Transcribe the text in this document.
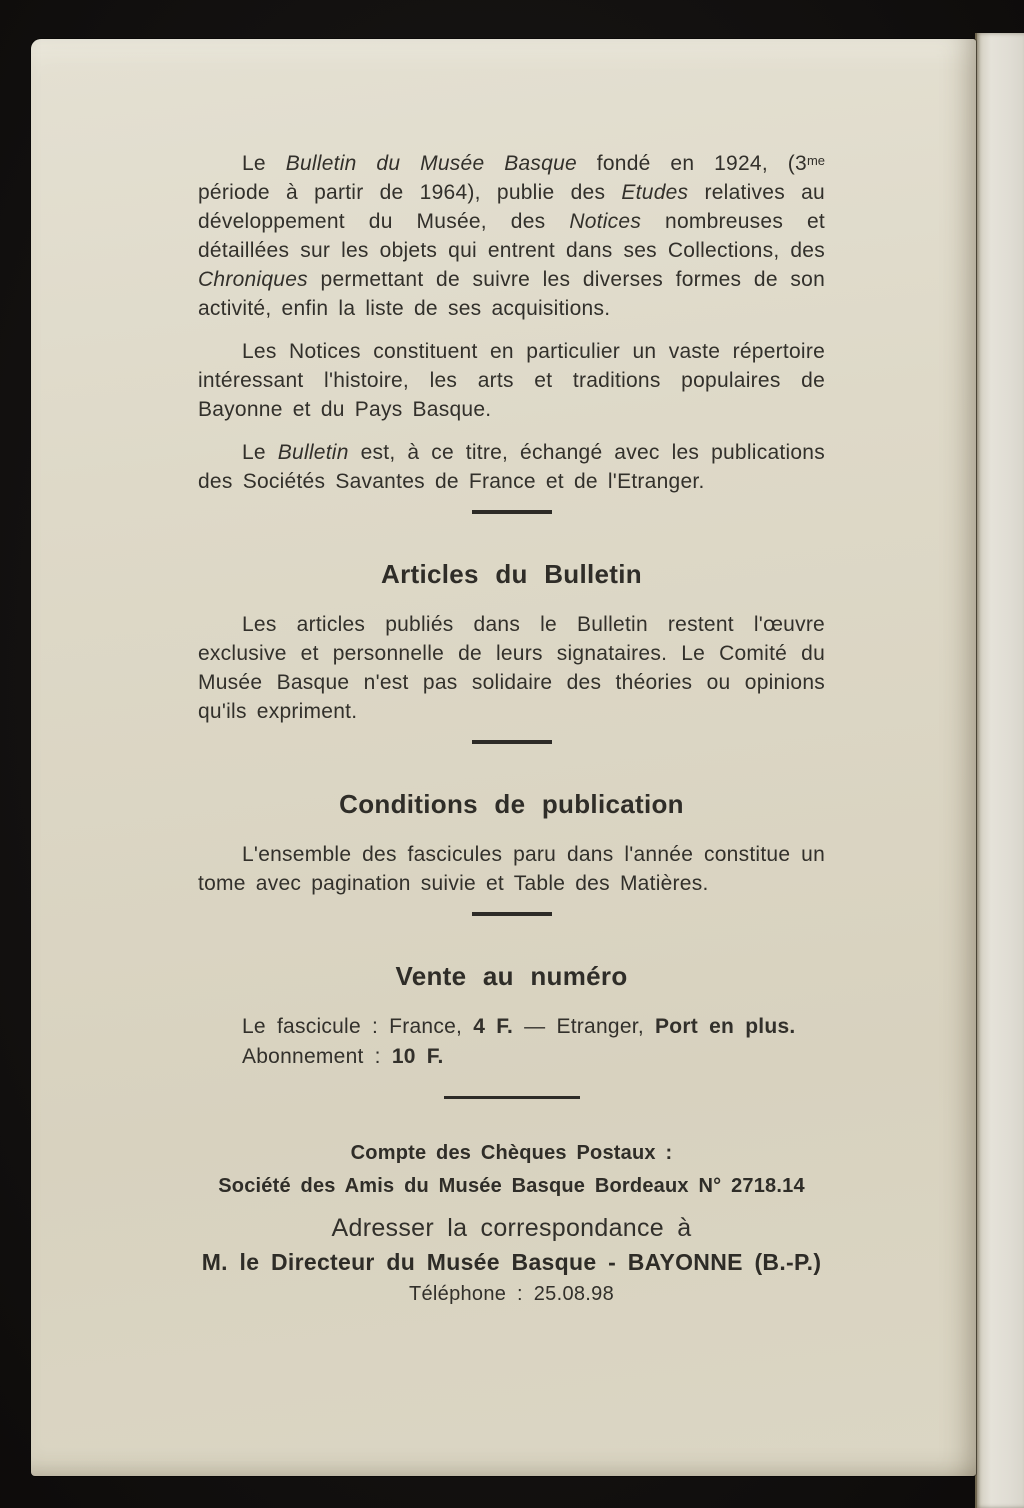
Le Bulletin du Musée Basque fondé en 1924, ($3^{me}$ période à partir de 1964), publie des Etudes relatives au développement du Musée, des Notices nombreuses et détaillées sur les objets qui entrent dans ses Collections, des Chroniques permettant de suivre les diverses formes de son activité, enfin la liste de ses acquisitions.

Les Notices constituent en particulier un vaste répertoire intéressant l'histoire, les arts et traditions populaires de Bayonne et du Pays Basque.

Le Bulletin est, à ce titre, échangé avec les publications des Sociétés Savantes de France et de l'Etranger.

Articles du Bulletin

Les articles publiés dans le Bulletin restent l'œuvre exclusive et personnelle de leurs signataires. Le Comité du Musée Basque n'est pas solidaire des théories ou opinions qu'ils expriment.

Conditions de publication

L'ensemble des fascicules paru dans l'année constitue un tome avec pagination suivie et Table des Matières.

Vente au numéro

Le fascicule : France, 4 F. — Etranger, Port en plus.

Abonnement : 10 F.

Compte des Chèques Postaux :

Société des Amis du Musée Basque Bordeaux N° 2718.14

Adresser la correspondance à

M. le Directeur du Musée Basque - BAYONNE (B.-P.)

Téléphone : 25.08.98
